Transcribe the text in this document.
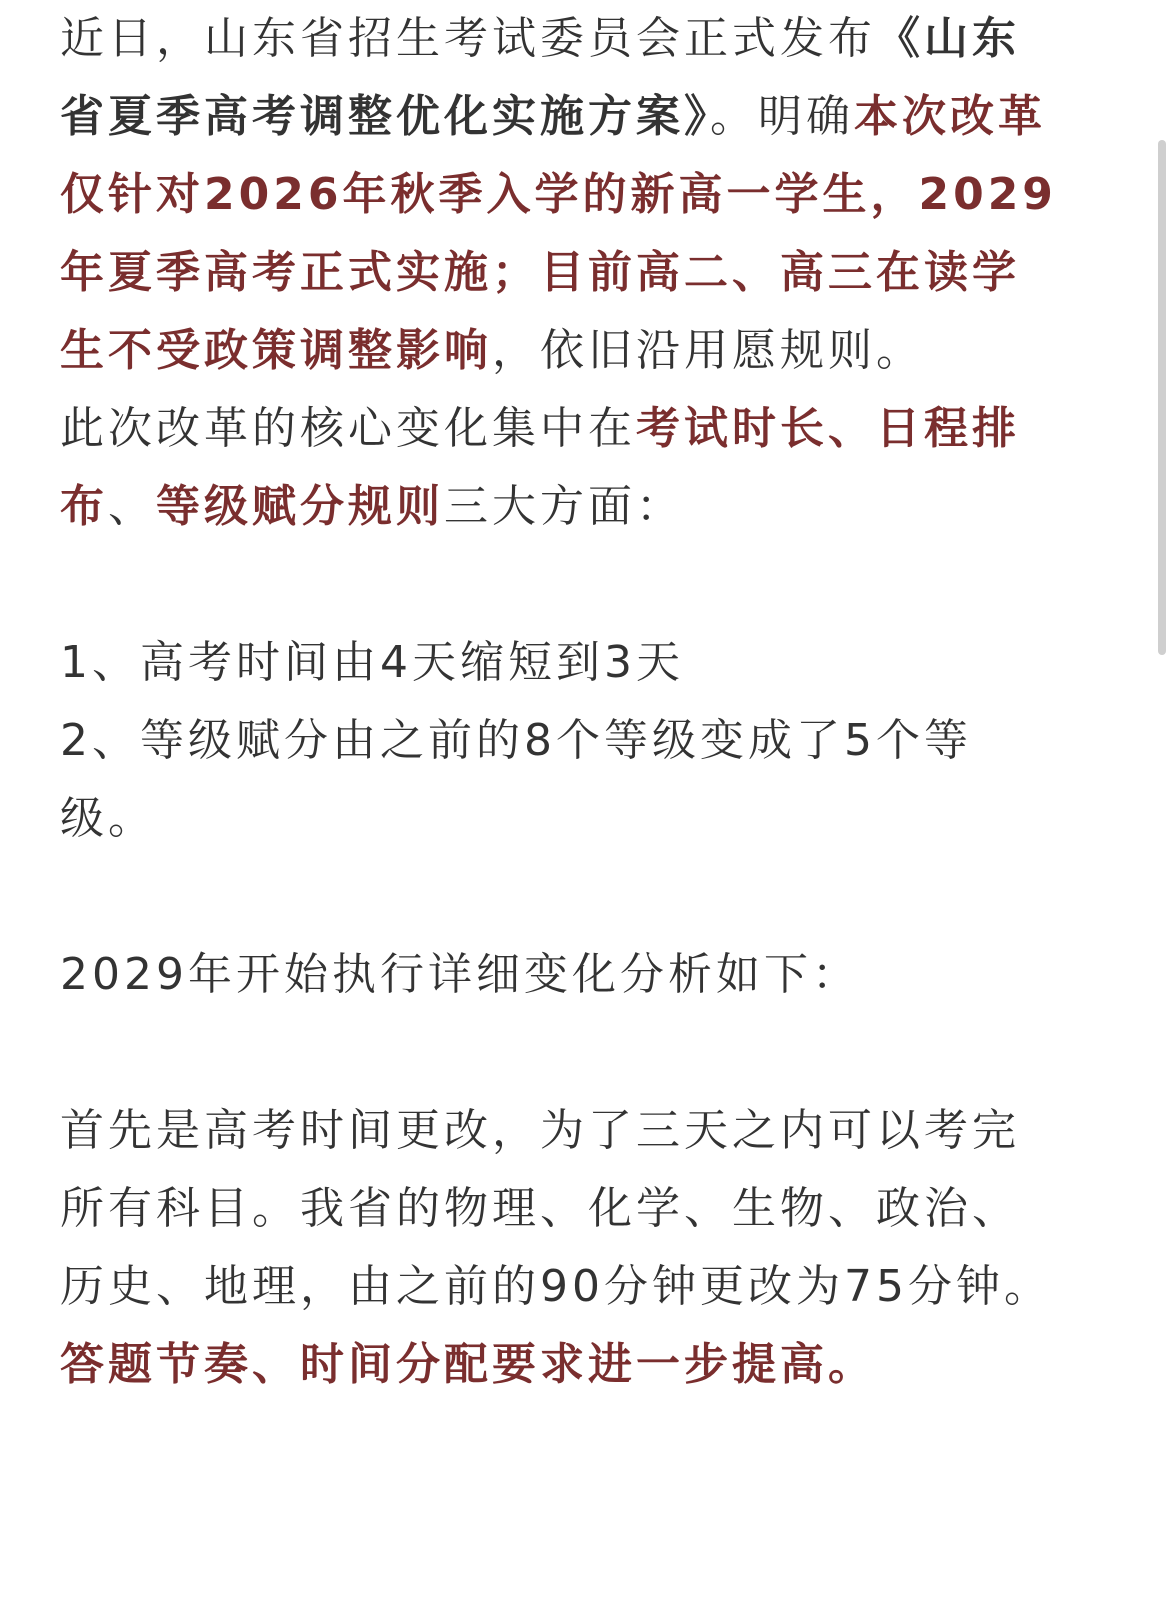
近日，山东省招生考试委员会正式发布《山东省夏季高考调整优化实施方案》。明确本次改革仅针对2026年秋季入学的新高一学生，2029年夏季高考正式实施；目前高二、高三在读学生不受政策调整影响，依旧沿用愿规则。

此次改革的核心变化集中在考试时长、日程排布、等级赋分规则三大方面：

1、高考时间由4天缩短到3天

2、等级赋分由之前的8个等级变成了5个等级。

2029年开始执行详细变化分析如下：

首先是高考时间更改，为了三天之内可以考完所有科目。我省的物理、化学、生物、政治、历史、地理，由之前的90分钟更改为75分钟。答题节奏、时间分配要求进一步提高。
